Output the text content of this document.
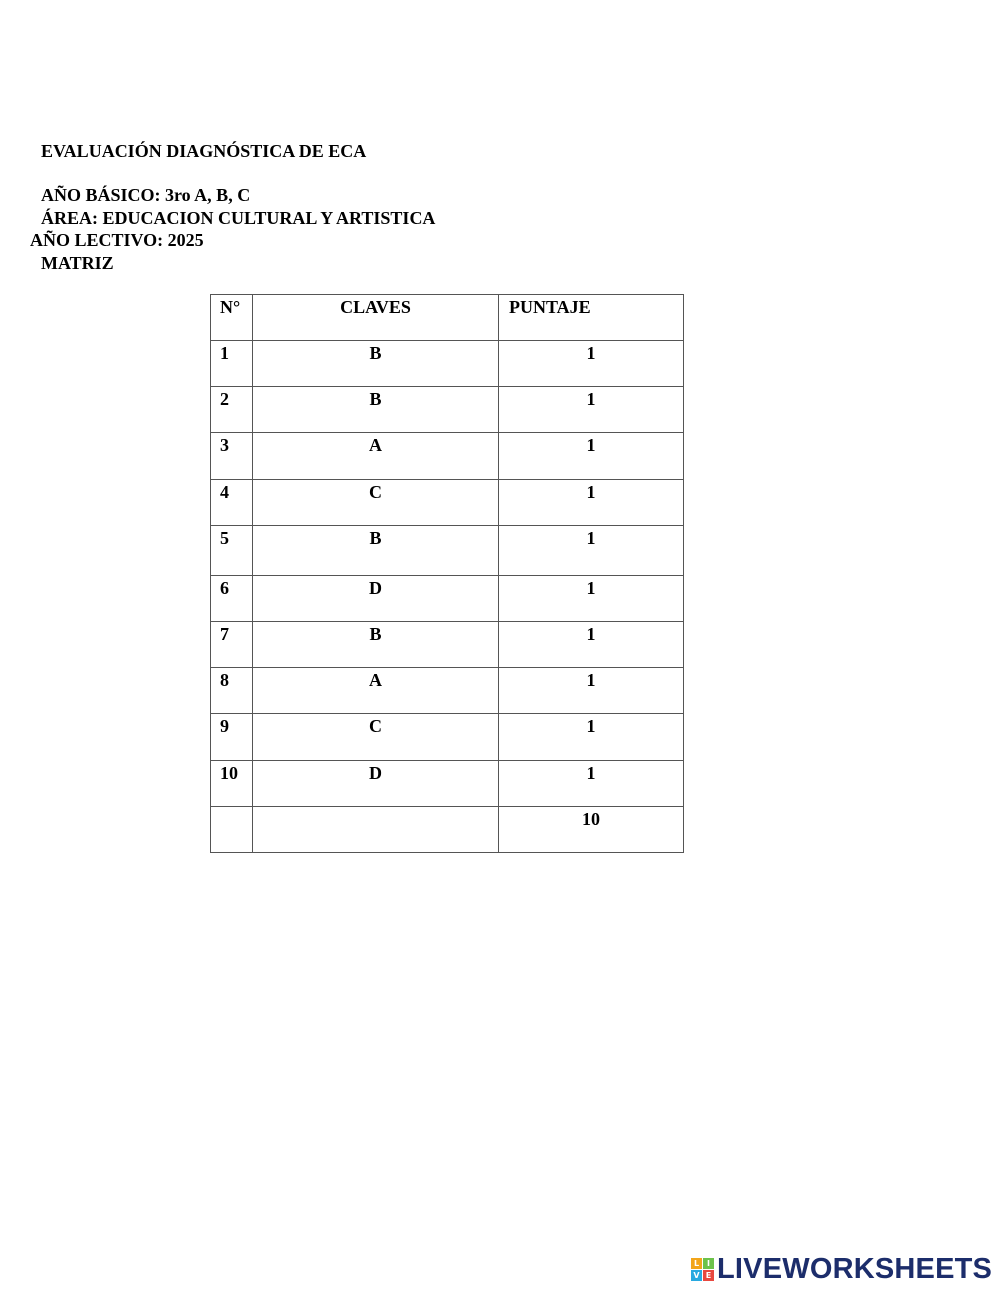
EVALUACIÓN DIAGNÓSTICA DE ECA
AÑO BÁSICO: 3ro A, B, C
ÁREA: EDUCACION CULTURAL Y ARTISTICA
AÑO LECTIVO: 2025
MATRIZ
N°	CLAVES	PUNTAJE

1	B	1

2	B	1

3	A	1

4	C	1

5	B	1

6	D	1

7	B	1

8	A	1

9	C	1

10	D	1

		10
L I
V E LIVEWORKSHEETS
